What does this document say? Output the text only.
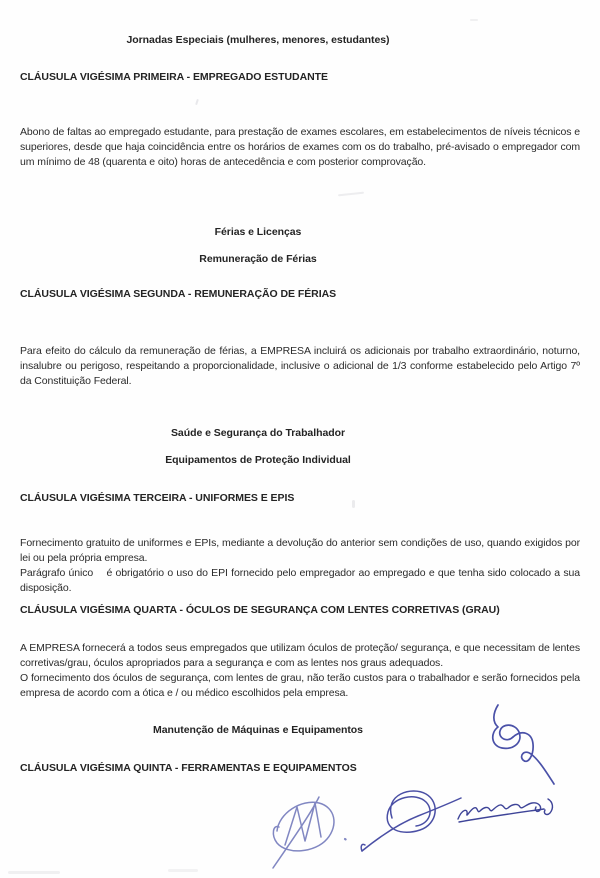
Jornadas Especiais (mulheres, menores, estudantes)
CLÁUSULA VIGÉSIMA PRIMEIRA - EMPREGADO ESTUDANTE
Abono de faltas ao empregado estudante, para prestação de exames escolares, em estabelecimentos de níveis técnicos e superiores, desde que haja coincidência entre os horários de exames com os do trabalho, pré-avisado o empregador com um mínimo de 48 (quarenta e oito) horas de antecedência e com posterior comprovação.
Férias e Licenças
Remuneração de Férias
CLÁUSULA VIGÉSIMA SEGUNDA - REMUNERAÇÃO DE FÉRIAS
Para efeito do cálculo da remuneração de férias, a EMPRESA incluirá os adicionais por trabalho extraordinário, noturno, insalubre ou perigoso, respeitando a proporcionalidade, inclusive o adicional de 1/3 conforme estabelecido pelo Artigo 7º da Constituição Federal.
Saúde e Segurança do Trabalhador
Equipamentos de Proteção Individual
CLÁUSULA VIGÉSIMA TERCEIRA - UNIFORMES E EPIS

Fornecimento gratuito de uniformes e EPIs, mediante a devolução do anterior sem condições de uso, quando exigidos por lei ou pela própria empresa.

Parágrafo único    é obrigatório o uso do EPI fornecido pelo empregador ao empregado e que tenha sido colocado a sua disposição.

CLÁUSULA VIGÉSIMA QUARTA - ÓCULOS DE SEGURANÇA COM LENTES CORRETIVAS (GRAU)

A EMPRESA fornecerá a todos seus empregados que utilizam óculos de proteção/ segurança, e que necessitam de lentes corretivas/grau, óculos apropriados para a segurança e com as lentes nos graus adequados.

O fornecimento dos óculos de segurança, com lentes de grau, não terão custos para o trabalhador e serão fornecidos pela empresa de acordo com a ótica e / ou médico escolhidos pela empresa.

Manutenção de Máquinas e Equipamentos
CLÁUSULA VIGÉSIMA QUINTA - FERRAMENTAS E EQUIPAMENTOS
